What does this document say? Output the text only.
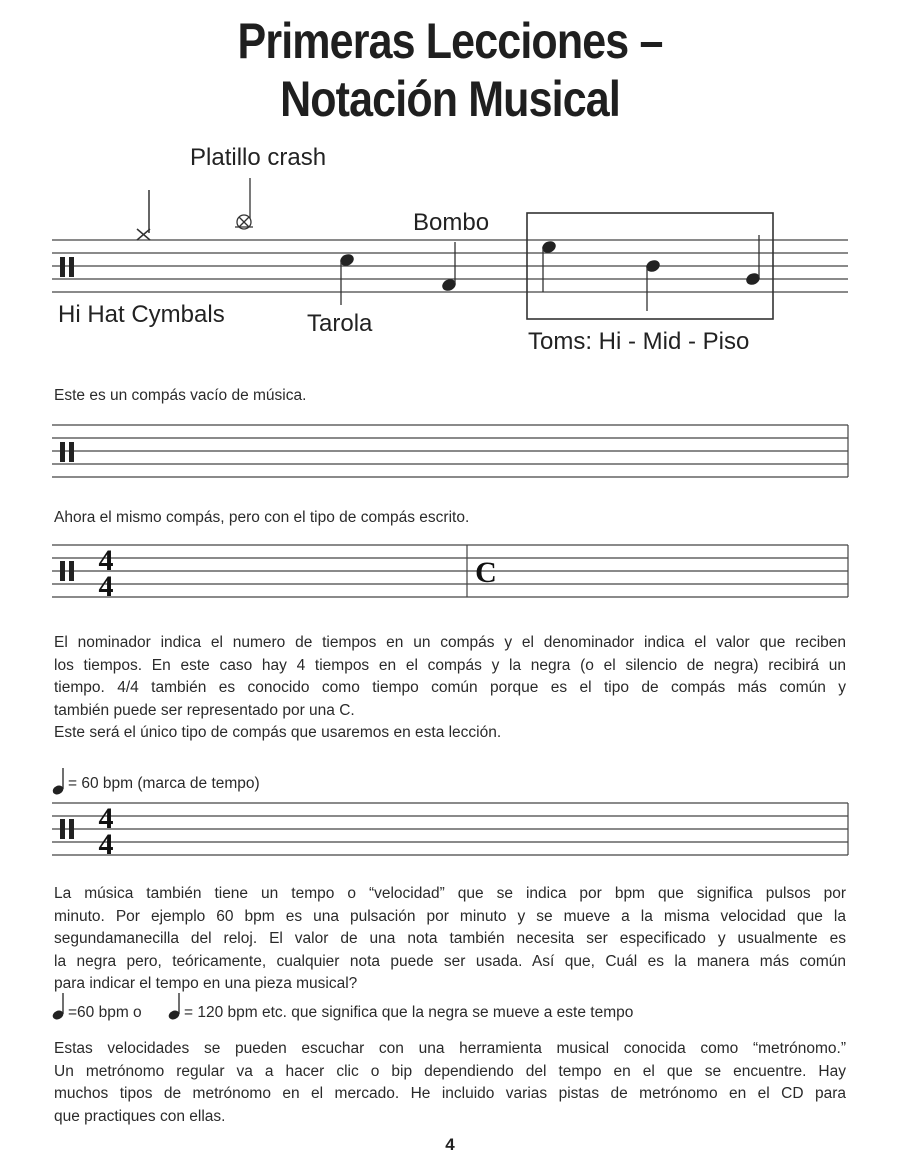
Primeras Lecciones –
Notación Musical
Platillo crash
Bombo
Hi Hat Cymbals	Tarola
Toms: Hi - Mid - Piso
Este es un compás vacío de música.
Ahora el mismo compás, pero con el tipo de compás escrito.
4
4	C
El nominador indica el numero de tiempos en un compás y el denominador indica el valor que reciben
los tiempos. En este caso hay 4 tiempos en el compás y la negra (o el silencio de negra) recibirá un
tiempo. 4/4 también es conocido como tiempo común porque es el tipo de compás más común y
también puede ser representado por una C.
Este será el único tipo de compás que usaremos en esta lección.
= 60 bpm (marca de tempo)
4
4
La música también tiene un tempo o “velocidad” que se indica por bpm que significa pulsos por
minuto. Por ejemplo 60 bpm es una pulsación por minuto y se mueve a la misma velocidad que la
segundamanecilla del reloj. El valor de una nota también necesita ser especificado y usualmente es
la negra pero, teóricamente, cualquier nota puede ser usada. Así que, Cuál es la manera más común
para indicar el tempo en una pieza musical?
=60 bpm o	= 120 bpm etc. que significa que la negra se mueve a este tempo
Estas velocidades se pueden escuchar con una herramienta musical conocida como “metrónomo.”
Un metrónomo regular va a hacer clic o bip dependiendo del tempo en el que se encuentre. Hay
muchos tipos de metrónomo en el mercado. He incluido varias pistas de metrónomo en el CD para
que practiques con ellas.
4
